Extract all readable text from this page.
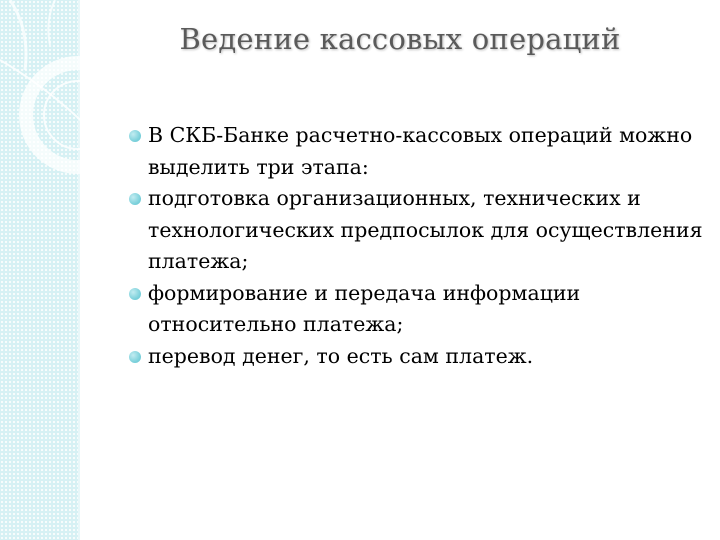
Ведение кассовых операций
В СКБ-Банке расчетно-кассовых операций можно выделить три этапа:
подготовка организационных, технических и технологических предпосылок для осуществления платежа;
формирование и передача информации относительно платежа;
перевод денег, то есть сам платеж.
